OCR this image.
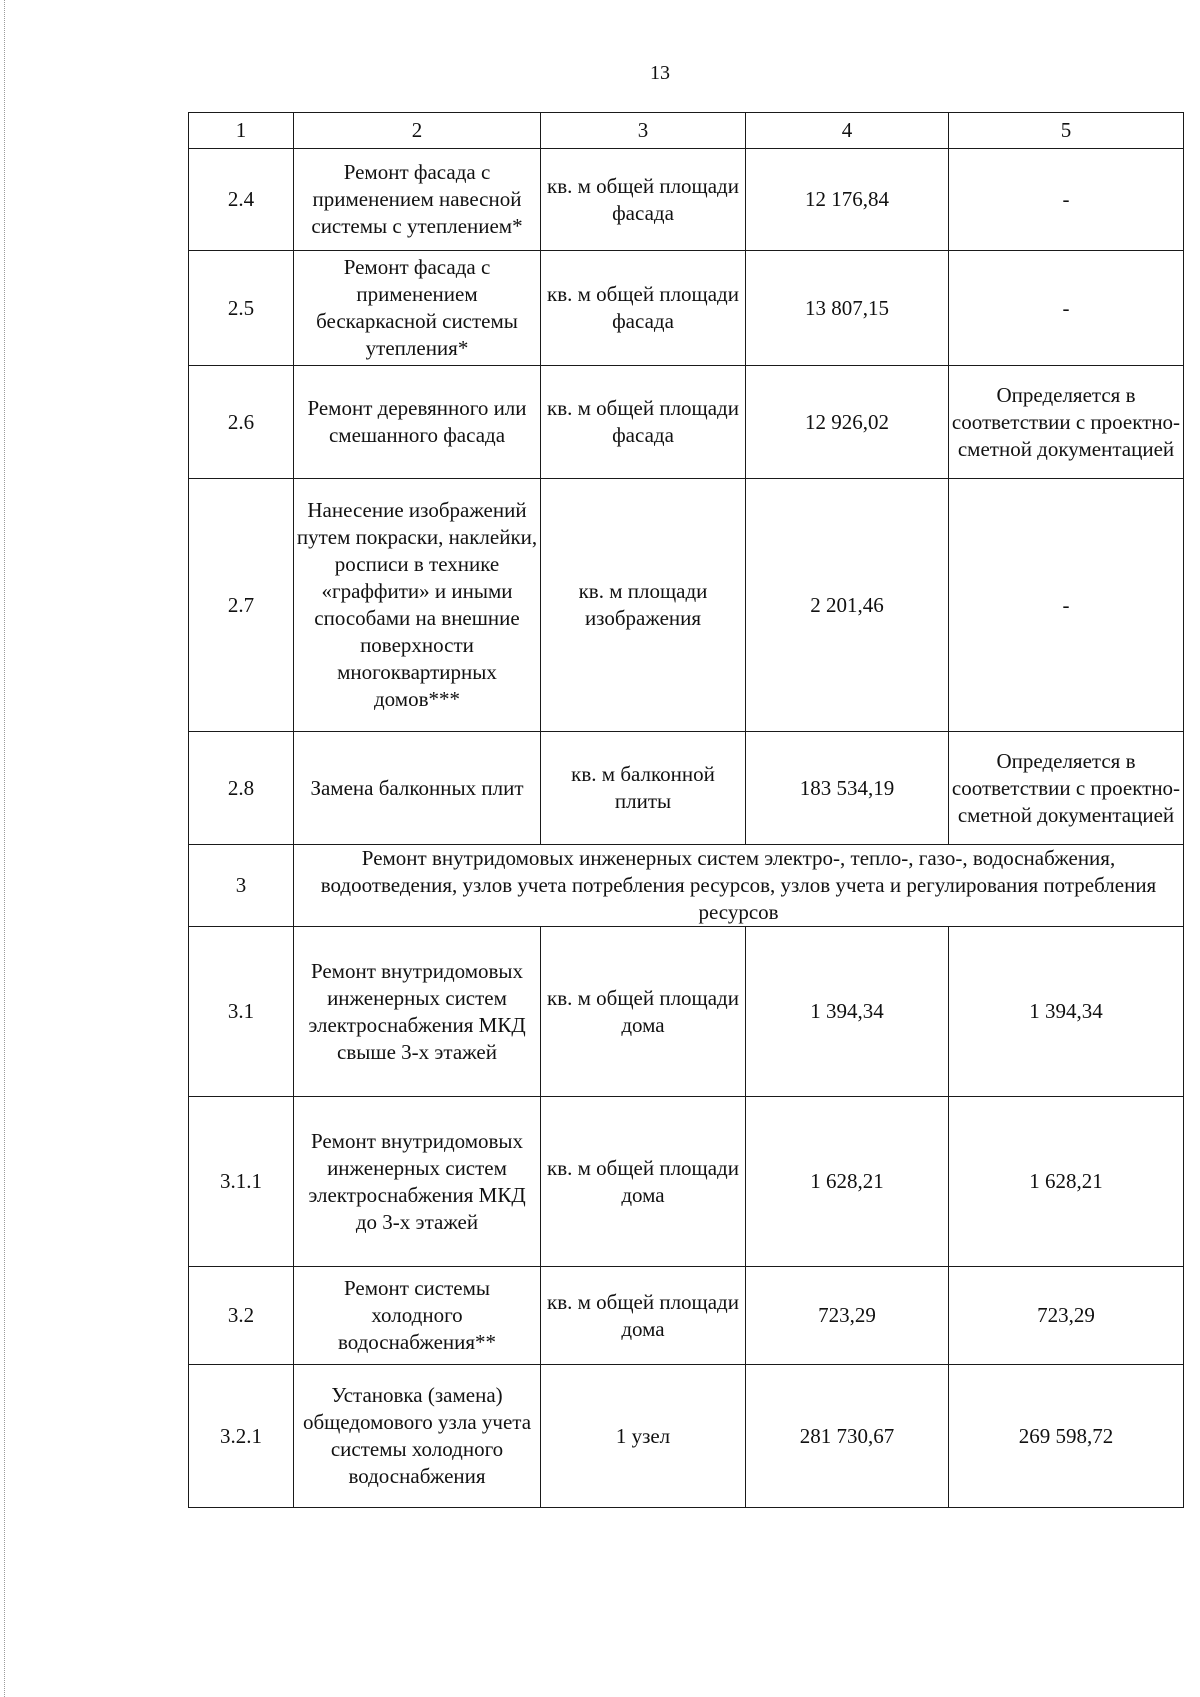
13
1	2	3	4	5
2.4	Ремонт фасада с применением навесной системы с утеплением*	кв. м общей площади фасада	12 176,84	-
2.5	Ремонт фасада с применением бескаркасной системы утепления*	кв. м общей площади фасада	13 807,15	-
2.6	Ремонт деревянного или смешанного фасада	кв. м общей площади фасада	12 926,02	Определяется в соответствии с проектно-сметной документацией
2.7	Нанесение изображений путем покраски, наклейки, росписи в технике «граффити» и иными способами на внешние поверхности многоквартирных домов***	кв. м площади изображения	2 201,46	-
2.8	Замена балконных плит	кв. м балконной плиты	183 534,19	Определяется в соответствии с проектно-сметной документацией
3	Ремонт внутридомовых инженерных систем электро-, тепло-, газо-, водоснабжения, водоотведения, узлов учета потребления ресурсов, узлов учета и регулирования потребления ресурсов			
3.1	Ремонт внутридомовых инженерных систем электроснабжения МКД свыше 3-х этажей	кв. м общей площади дома	1 394,34	1 394,34
3.1.1	Ремонт внутридомовых инженерных систем электроснабжения МКД до 3-х этажей	кв. м общей площади дома	1 628,21	1 628,21
3.2	Ремонт системы холодного водоснабжения**	кв. м общей площади дома	723,29	723,29
3.2.1	Установка (замена) общедомового узла учета системы холодного водоснабжения	1 узел	281 730,67	269 598,72
